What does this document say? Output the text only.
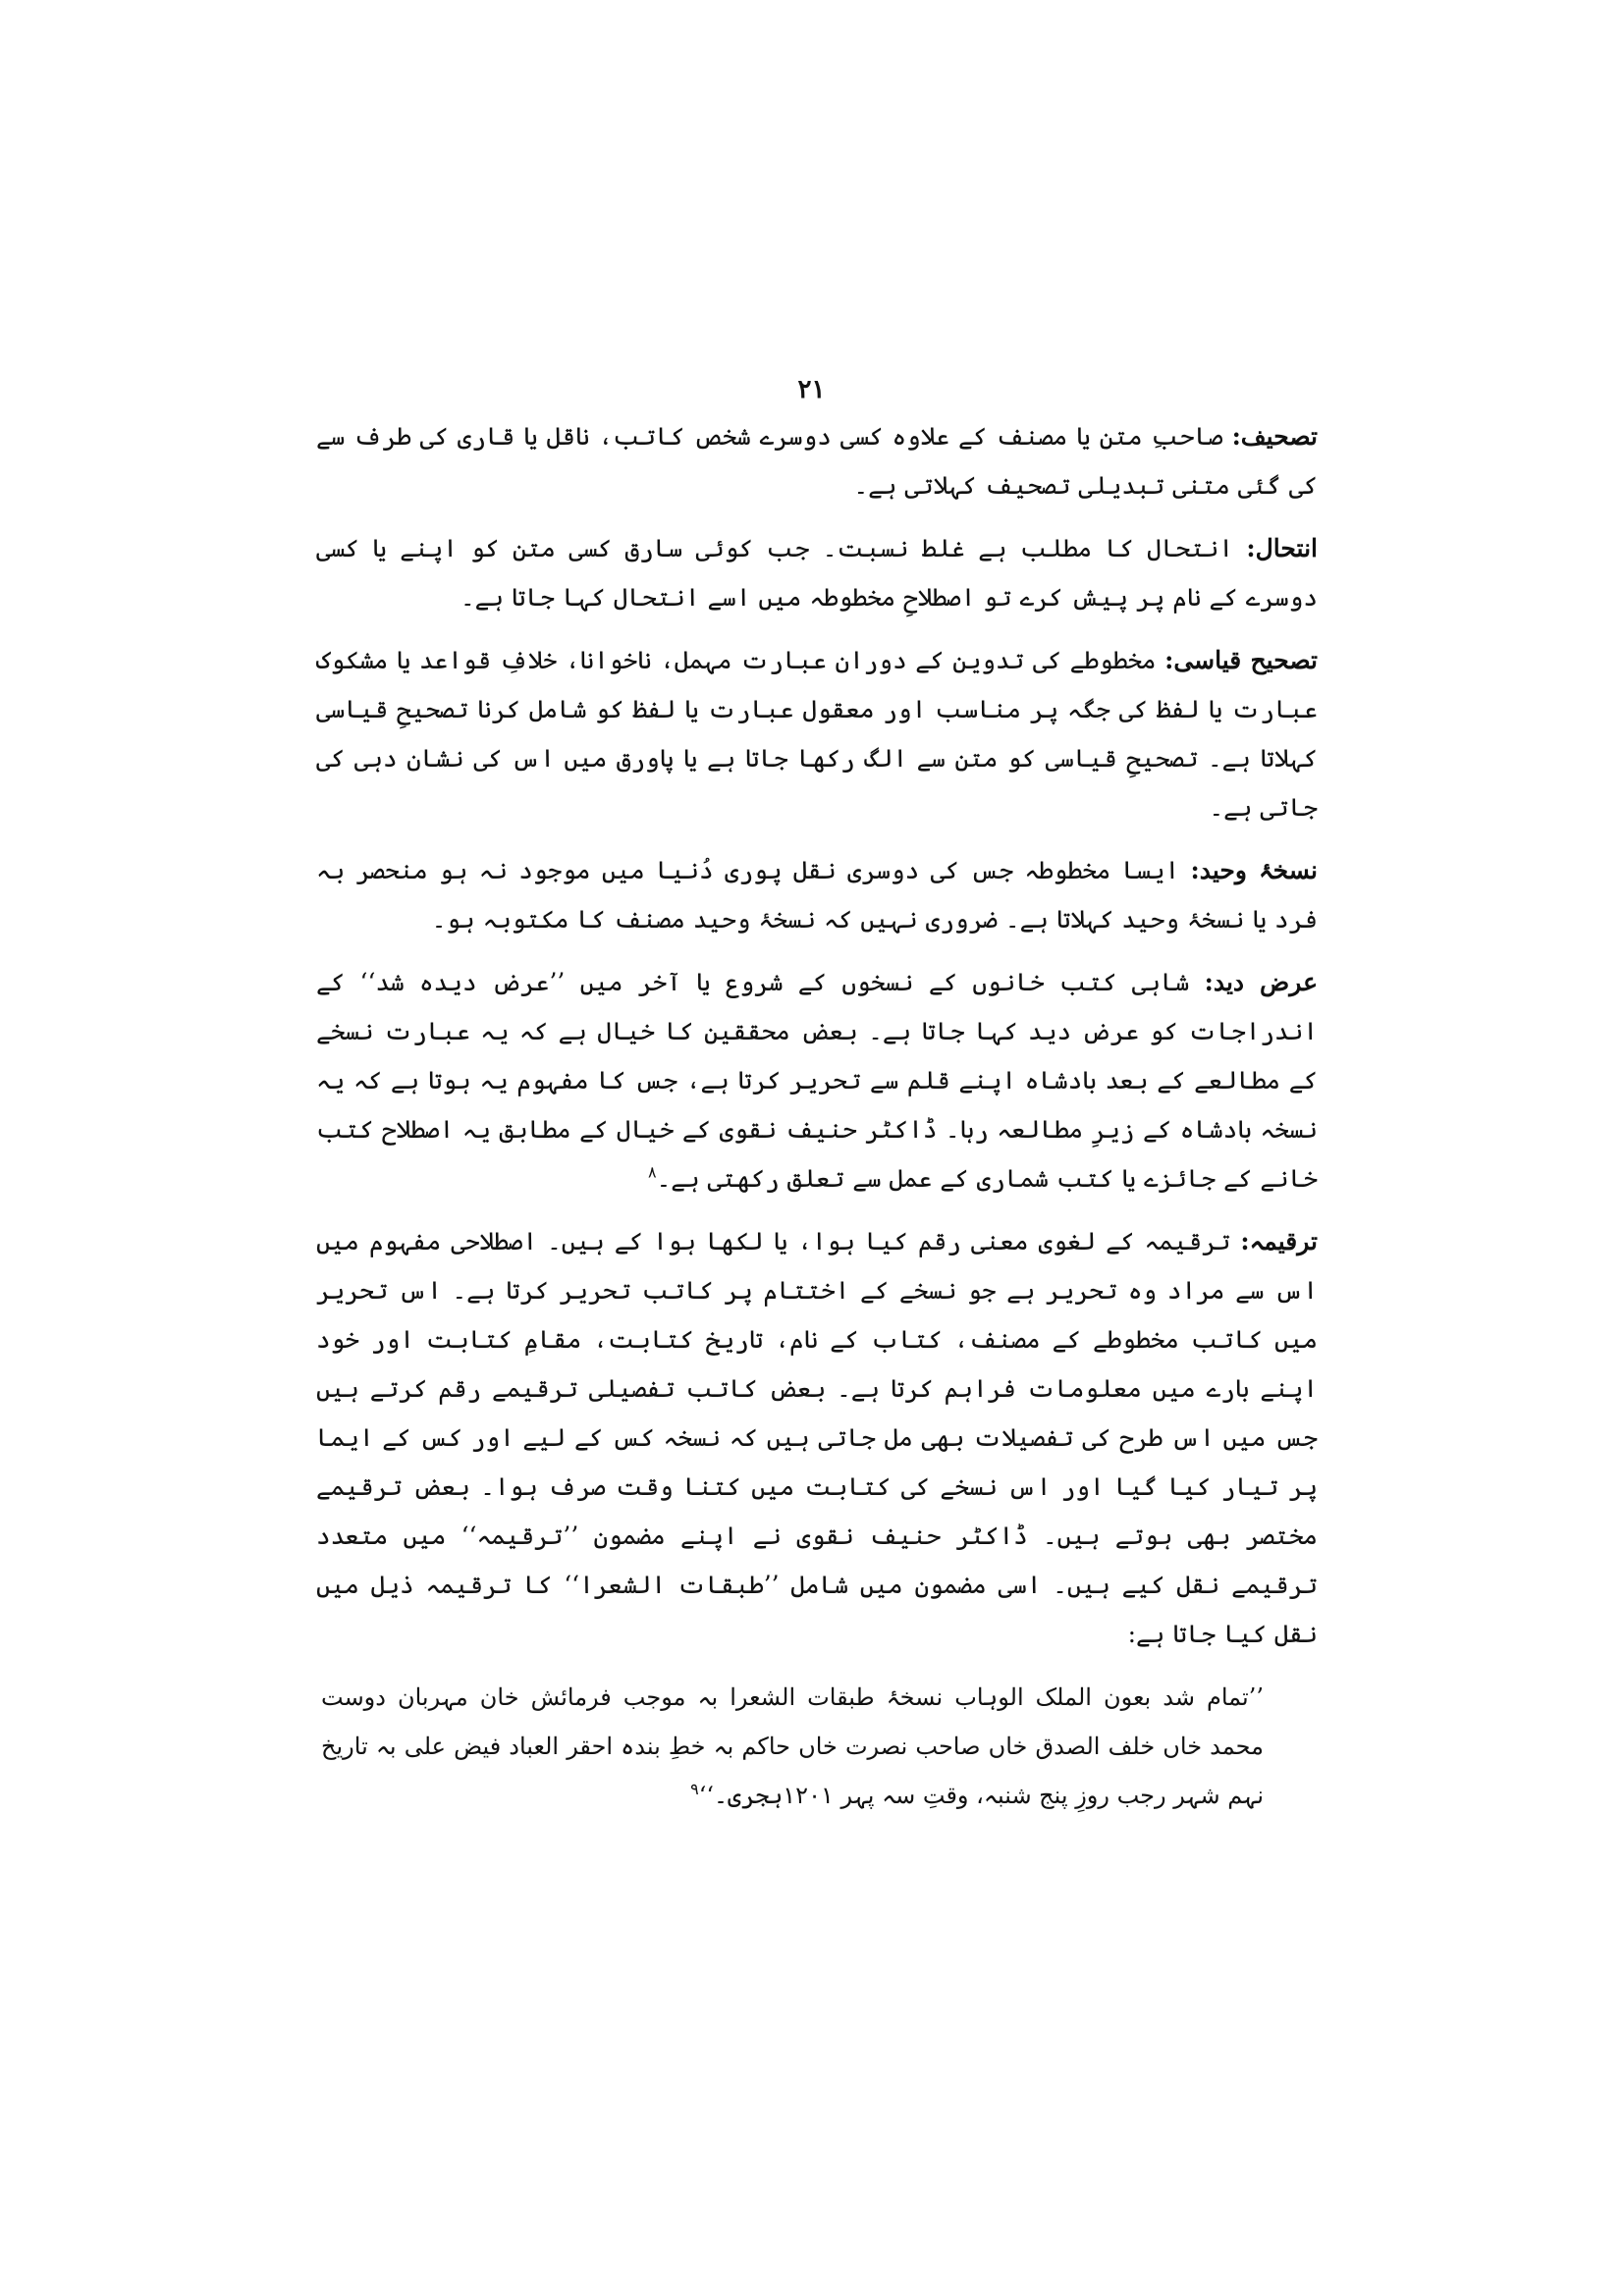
۲۱

تصحیف: صاحبِ متن یا مصنف کے علاوہ کسی دوسرے شخص کاتب، ناقل یا قاری کی طرف سے کی گئی متنی تبدیلی تصحیف کہلاتی ہے۔

انتحال: انتحال کا مطلب ہے غلط نسبت۔ جب کوئی سارق کسی متن کو اپنے یا کسی دوسرے کے نام پر پیش کرے تو اصطلاحِ مخطوطہ میں اسے انتحال کہا جاتا ہے۔

تصحیح قیاسی: مخطوطے کی تدوین کے دوران عبارت مہمل، ناخوانا، خلافِ قواعد یا مشکوک عبارت یا لفظ کی جگہ پر مناسب اور معقول عبارت یا لفظ کو شامل کرنا تصحیحِ قیاسی کہلاتا ہے۔ تصحیحِ قیاسی کو متن سے الگ رکھا جاتا ہے یا پاورق میں اس کی نشان دہی کی جاتی ہے۔

نسخۂ وحید: ایسا مخطوطہ جس کی دوسری نقل پوری دُنیا میں موجود نہ ہو منحصر بہ فرد یا نسخۂ وحید کہلاتا ہے۔ ضروری نہیں کہ نسخۂ وحید مصنف کا مکتوبہ ہو۔

عرض دید: شاہی کتب خانوں کے نسخوں کے شروع یا آخر میں ’’عرض دیدہ شد‘‘ کے اندراجات کو عرض دید کہا جاتا ہے۔ بعض محققین کا خیال ہے کہ یہ عبارت نسخے کے مطالعے کے بعد بادشاہ اپنے قلم سے تحریر کرتا ہے، جس کا مفہوم یہ ہوتا ہے کہ یہ نسخہ بادشاہ کے زیرِ مطالعہ رہا۔ ڈاکٹر حنیف نقوی کے خیال کے مطابق یہ اصطلاح کتب خانے کے جائزے یا کتب شماری کے عمل سے تعلق رکھتی ہے۔$^۸$

ترقیمہ: ترقیمہ کے لغوی معنی رقم کیا ہوا، یا لکھا ہوا کے ہیں۔ اصطلاحی مفہوم میں اس سے مراد وہ تحریر ہے جو نسخے کے اختتام پر کاتب تحریر کرتا ہے۔ اس تحریر میں کاتب مخطوطے کے مصنف، کتاب کے نام، تاریخ کتابت، مقامِ کتابت اور خود اپنے بارے میں معلومات فراہم کرتا ہے۔ بعض کاتب تفصیلی ترقیمے رقم کرتے ہیں جس میں اس طرح کی تفصیلات بھی مل جاتی ہیں کہ نسخہ کس کے لیے اور کس کے ایما پر تیار کیا گیا اور اس نسخے کی کتابت میں کتنا وقت صرف ہوا۔ بعض ترقیمے مختصر بھی ہوتے ہیں۔ ڈاکٹر حنیف نقوی نے اپنے مضمون ’’ترقیمہ‘‘ میں متعدد ترقیمے نقل کیے ہیں۔ اسی مضمون میں شامل ’’طبقات الشعرا‘‘ کا ترقیمہ ذیل میں نقل کیا جاتا ہے:

’’تمام شد بعون الملک الوہاب نسخۂ طبقات الشعرا بہ موجب فرمائش خان مہربان دوست محمد خاں خلف الصدق خاں صاحب نصرت خاں حاکم بہ خطِ بندہ احقر العباد فیض علی بہ تاریخ نہم شہر رجب روزِ پنج شنبہ، وقتِ سہ پہر ۱۲۰۱ہجری۔‘‘$^۹$
